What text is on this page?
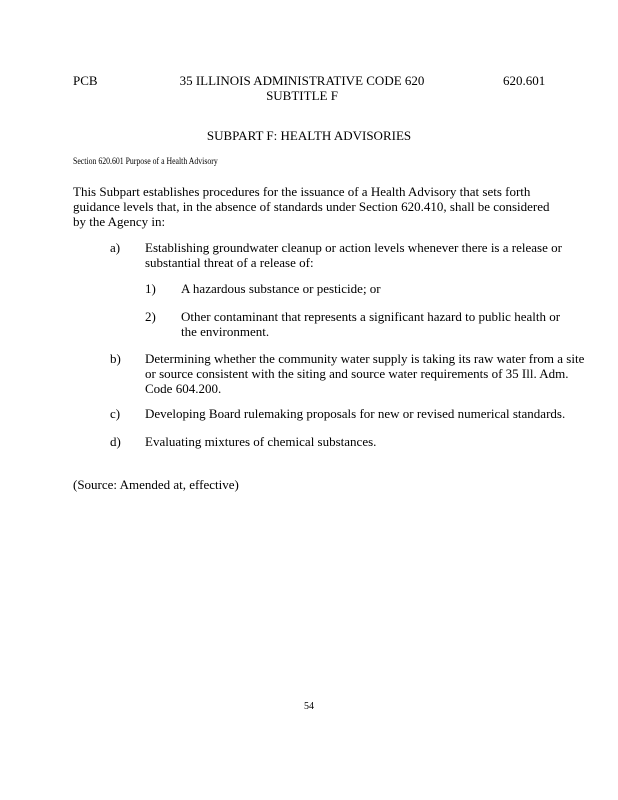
PCB	35 ILLINOIS ADMINISTRATIVE CODE 620
SUBTITLE F
620.601
SUBPART F: HEALTH ADVISORIES
Section 620.601 Purpose of a Health Advisory
This Subpart establishes procedures for the issuance of a Health Advisory that sets forth guidance levels that, in the absence of standards under Section 620.410, shall be considered by the Agency in:
a) Establishing groundwater cleanup or action levels whenever there is a release or substantial threat of a release of:
1) A hazardous substance or pesticide; or
2) Other contaminant that represents a significant hazard to public health or the environment.
b) Determining whether the community water supply is taking its raw water from a site or source consistent with the siting and source water requirements of 35 Ill. Adm. Code 604.200.
c) Developing Board rulemaking proposals for new or revised numerical standards.
d) Evaluating mixtures of chemical substances.
(Source: Amended at, effective)
54
